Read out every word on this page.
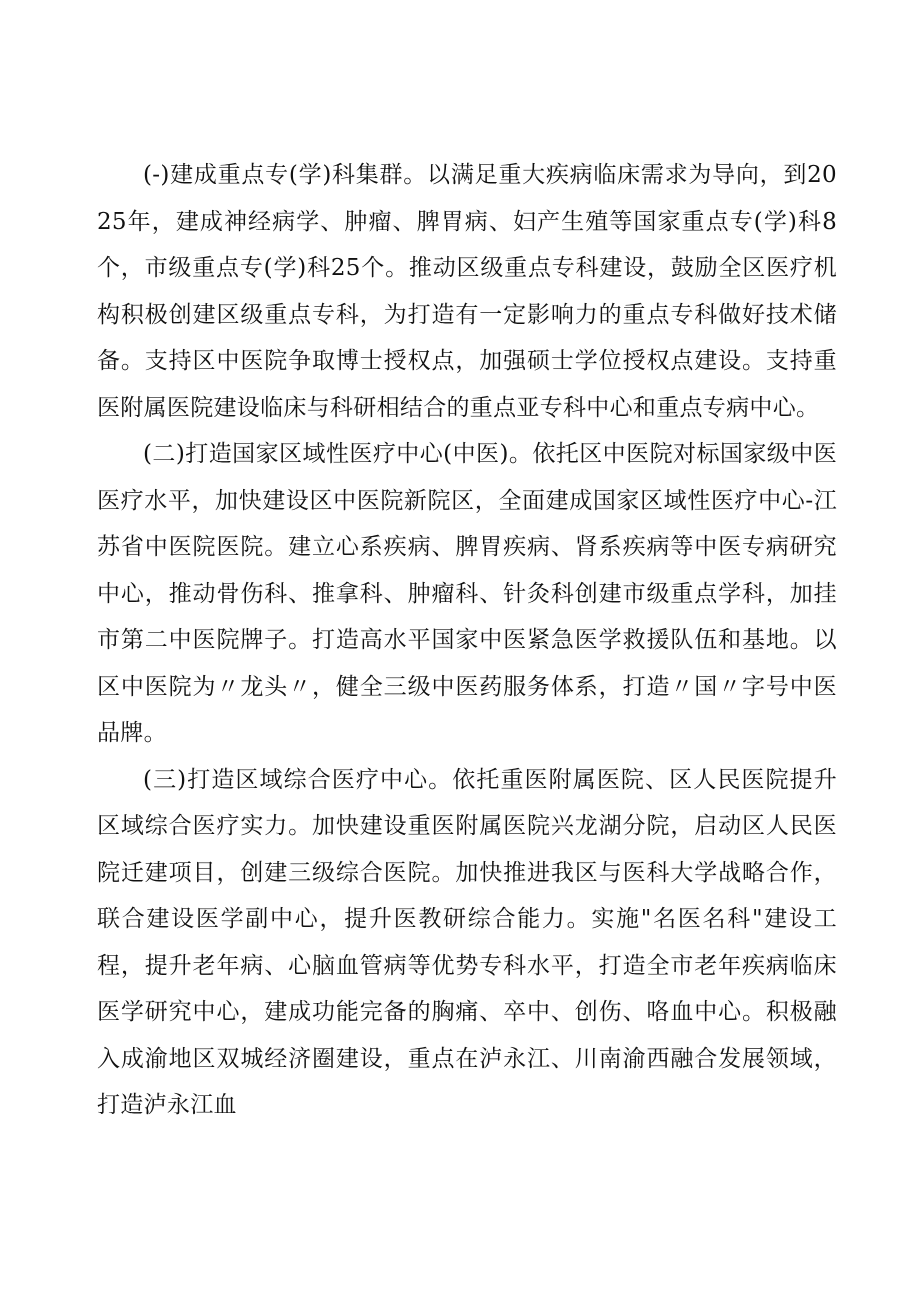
(-)建成重点专(学)科集群。以满足重大疾病临床需求为导向，到2025年，建成神经病学、肿瘤、脾胃病、妇产生殖等国家重点专(学)科8个，市级重点专(学)科25个。推动区级重点专科建设，鼓励全区医疗机构积极创建区级重点专科，为打造有一定影响力的重点专科做好技术储备。支持区中医院争取博士授权点，加强硕士学位授权点建设。支持重医附属医院建设临床与科研相结合的重点亚专科中心和重点专病中心。

(二)打造国家区域性医疗中心(中医)。依托区中医院对标国家级中医医疗水平，加快建设区中医院新院区，全面建成国家区域性医疗中心-江苏省中医院医院。建立心系疾病、脾胃疾病、肾系疾病等中医专病研究中心，推动骨伤科、推拿科、肿瘤科、针灸科创建市级重点学科，加挂市第二中医院牌子。打造高水平国家中医紧急医学救援队伍和基地。以区中医院为〃龙头〃，健全三级中医药服务体系，打造〃国〃字号中医品牌。

(三)打造区域综合医疗中心。依托重医附属医院、区人民医院提升区域综合医疗实力。加快建设重医附属医院兴龙湖分院，启动区人民医院迁建项目，创建三级综合医院。加快推进我区与医科大学战略合作，联合建设医学副中心，提升医教研综合能力。实施"名医名科"建设工程，提升老年病、心脑血管病等优势专科水平，打造全市老年疾病临床医学研究中心，建成功能完备的胸痛、卒中、创伤、咯血中心。积极融入成渝地区双城经济圈建设，重点在泸永江、川南渝西融合发展领域，打造泸永江血
